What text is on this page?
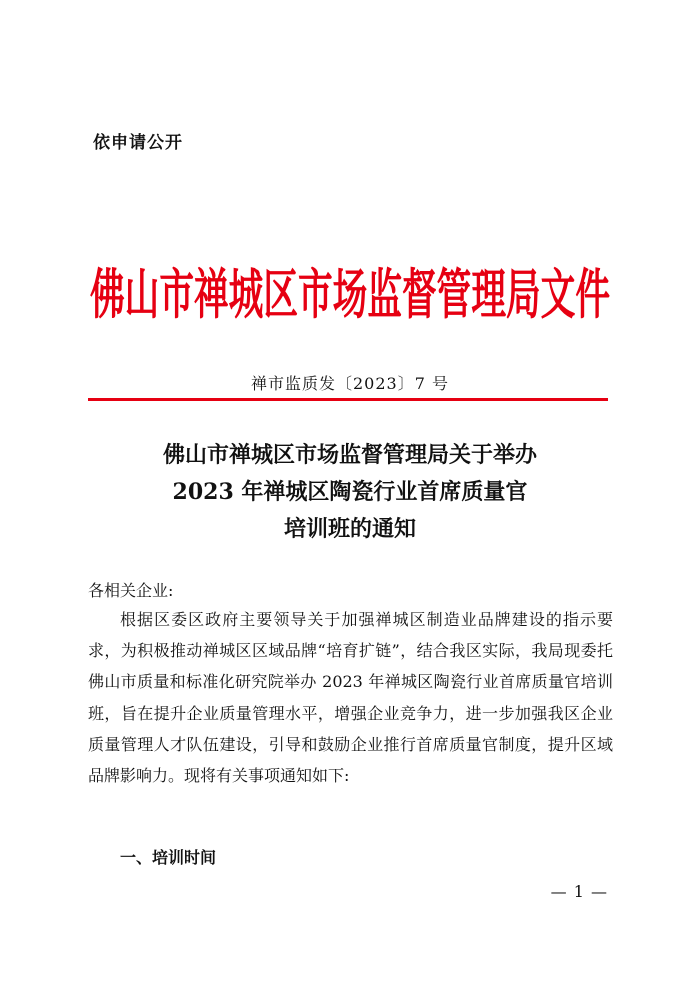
依申请公开
佛山市禅城区市场监督管理局文件
禅市监质发〔2023〕7 号
佛山市禅城区市场监督管理局关于举办
2023 年禅城区陶瓷行业首席质量官
培训班的通知
各相关企业:
根据区委区政府主要领导关于加强禅城区制造业品牌建设的指示要求，为积极推动禅城区区域品牌“培育扩链”，结合我区实际，我局现委托佛山市质量和标准化研究院举办 2023 年禅城区陶瓷行业首席质量官培训班，旨在提升企业质量管理水平，增强企业竞争力，进一步加强我区企业质量管理人才队伍建设，引导和鼓励企业推行首席质量官制度，提升区域品牌影响力。现将有关事项通知如下:
一、培训时间
— 1 —
